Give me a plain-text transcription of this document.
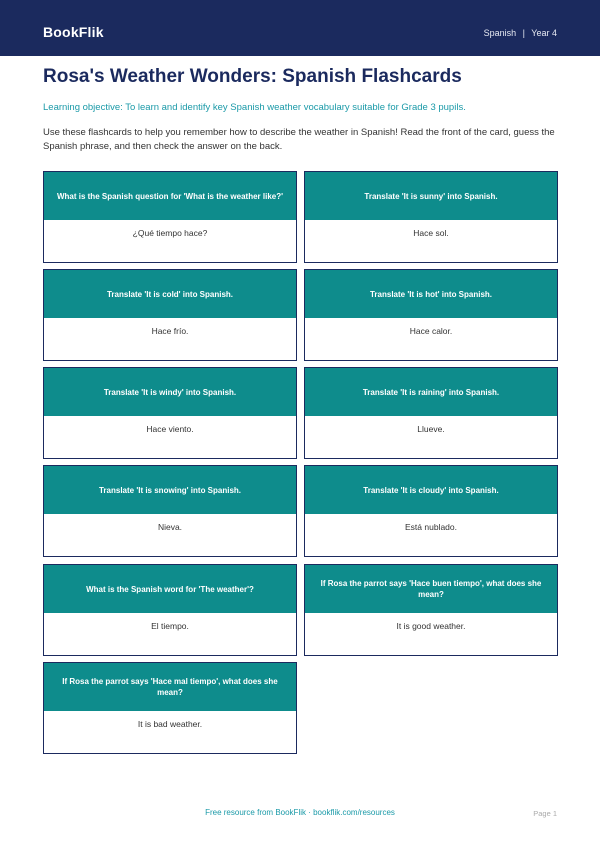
BookFlik	Spanish | Year 4
Rosa's Weather Wonders: Spanish Flashcards
Learning objective: To learn and identify key Spanish weather vocabulary suitable for Grade 3 pupils.
Use these flashcards to help you remember how to describe the weather in Spanish! Read the front of the card, guess the Spanish phrase, and then check the answer on the back.
What is the Spanish question for 'What is the weather like?'
¿Qué tiempo hace?
Translate 'It is sunny' into Spanish.
Hace sol.
Translate 'It is cold' into Spanish.
Hace frío.
Translate 'It is hot' into Spanish.
Hace calor.
Translate 'It is windy' into Spanish.
Hace viento.
Translate 'It is raining' into Spanish.
Llueve.
Translate 'It is snowing' into Spanish.
Nieva.
Translate 'It is cloudy' into Spanish.
Está nublado.
What is the Spanish word for 'The weather'?
El tiempo.
If Rosa the parrot says 'Hace buen tiempo', what does she mean?
It is good weather.
If Rosa the parrot says 'Hace mal tiempo', what does she mean?
It is bad weather.
Free resource from BookFlik · bookflik.com/resources	Page 1
